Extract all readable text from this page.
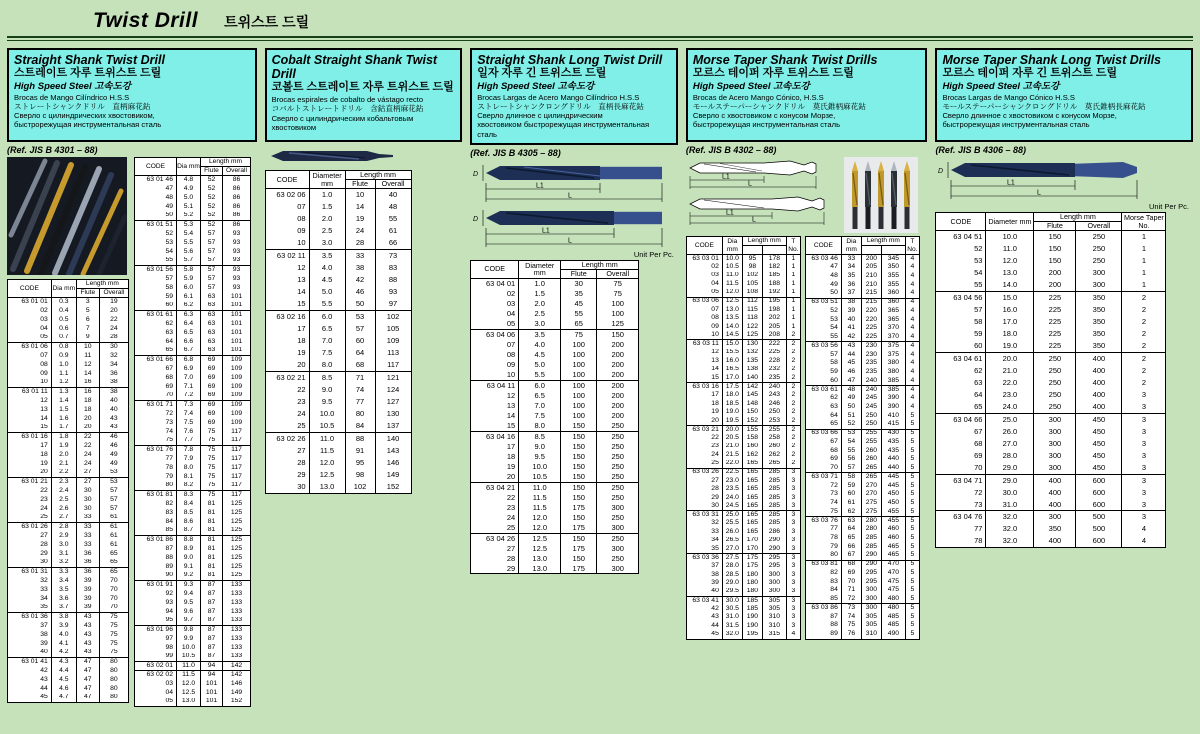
Twist Drill 트위스트 드릴
Straight Shank Twist Drill
스트레이트 자루 트위스트 드릴
High Speed Steel 고속도강
Brocas de Mango Cilíndrico H.S.S
ストレートシャンクドリル　直柄麻花鉆
Сверло с цилиндрических хвостовиком,
быстрорежущая инструментальная сталь
(Ref. JIS B 4301 – 88)
CODE	Dia mm	Length mm	
		Flute	Overall
63 01 01	0.3	3	19
02	0.4	5	20
03	0.5	6	22
04	0.6	7	24
05	0.7	9	28
63 01 06	0.8	10	30
07	0.9	11	32
08	1.0	12	34
09	1.1	14	36
10	1.2	16	38
63 01 11	1.3	16	38
12	1.4	18	40
13	1.5	18	40
14	1.6	20	43
15	1.7	20	43
63 01 16	1.8	22	46
17	1.9	22	46
18	2.0	24	49
19	2.1	24	49
20	2.2	27	53
63 01 21	2.3	27	53
22	2.4	30	57
23	2.5	30	57
24	2.6	30	57
25	2.7	33	61
63 01 26	2.8	33	61
27	2.9	33	61
28	3.0	33	61
29	3.1	36	65
30	3.2	36	65
63 01 31	3.3	36	65
32	3.4	39	70
33	3.5	39	70
34	3.6	39	70
35	3.7	39	70
63 01 36	3.8	43	75
37	3.9	43	75
38	4.0	43	75
39	4.1	43	75
40	4.2	43	75
63 01 41	4.3	47	80
42	4.4	47	80
43	4.5	47	80
44	4.6	47	80
45	4.7	47	80
CODE	Dia mm	Length mm	
		Flute	Overall
63 01 46	4.8	52	86
47	4.9	52	86
48	5.0	52	86
49	5.1	52	86
50	5.2	52	86
63 01 51	5.3	52	86
52	5.4	57	93
53	5.5	57	93
54	5.6	57	93
55	5.7	57	93
63 01 56	5.8	57	93
57	5.9	57	93
58	6.0	57	93
59	6.1	63	101
60	6.2	63	101
63 01 61	6.3	63	101
62	6.4	63	101
63	6.5	63	101
64	6.6	63	101
65	6.7	63	101
63 01 66	6.8	69	109
67	6.9	69	109
68	7.0	69	109
69	7.1	69	109
70	7.2	69	109
63 01 71	7.3	69	109
72	7.4	69	109
73	7.5	69	109
74	7.6	75	117
75	7.7	75	117
63 01 76	7.8	75	117
77	7.9	75	117
78	8.0	75	117
79	8.1	75	117
80	8.2	75	117
63 01 81	8.3	75	117
82	8.4	81	125
83	8.5	81	125
84	8.6	81	125
85	8.7	81	125
63 01 86	8.8	81	125
87	8.9	81	125
88	9.0	81	125
89	9.1	81	125
90	9.2	81	125
63 01 91	9.3	87	133
92	9.4	87	133
93	9.5	87	133
94	9.6	87	133
95	9.7	87	133
63 01 96	9.8	87	133
97	9.9	87	133
98	10.0	87	133
99	10.5	87	133
63 02 01	11.0	94	142
63 02 02	11.5	94	142
03	12.0	101	146
04	12.5	101	149
05	13.0	101	152
Cobalt Straight Shank Twist Drill
코볼트 스트레이트 자루 트위스트 드릴
Brocas espirales de cobalto de vástago recto
コバルトストレートドリル　含鈷直柄麻花鉆
Сверло с цилиндрическим кобальтовым
хвостовиком
CODE	Diameter mm	Length mm	
		Flute	Overall
63 02 06	1.0	10	40
07	1.5	14	48
08	2.0	19	55
09	2.5	24	61
10	3.0	28	66
63 02 11	3.5	33	73
12	4.0	38	83
13	4.5	42	88
14	5.0	46	93
15	5.5	50	97
63 02 16	6.0	53	102
17	6.5	57	105
18	7.0	60	109
19	7.5	64	113
20	8.0	68	117
63 02 21	8.5	71	121
22	9.0	74	124
23	9.5	77	127
24	10.0	80	130
25	10.5	84	137
63 02 26	11.0	88	140
27	11.5	91	143
28	12.0	95	146
29	12.5	98	149
30	13.0	102	152
Straight Shank Long Twist Drill
일자 자루 긴 트위스트 드릴
High Speed Steel 고속도강
Brocas Largas de Acero Mango Cilíndrico H.S.S
ストレートシャンクロングドリル　直柄長麻花鉆
Сверло длинное с цилиндрическим
хвостовиком быстрорежущая инструментальная сталь
(Ref. JIS B 4305 – 88)
D
L1
L
D
L1
L
Unit Per Pc.
CODE	Diameter mm	Length mm	
		Flute	Overall
63 04 01	1.0	30	75
02	1.5	35	75
03	2.0	45	100
04	2.5	55	100
05	3.0	65	125
63 04 06	3.5	75	150
07	4.0	100	200
08	4.5	100	200
09	5.0	100	200
10	5.5	100	200
63 04 11	6.0	100	200
12	6.5	100	200
13	7.0	100	200
14	7.5	100	200
15	8.0	150	250
63 04 16	8.5	150	250
17	9.0	150	250
18	9.5	150	250
19	10.0	150	250
20	10.5	150	250
63 04 21	11.0	150	250
22	11.5	150	250
23	11.5	175	300
24	12.0	150	250
25	12.0	175	300
63 04 26	12.5	150	250
27	12.5	175	300
28	13.0	150	250
29	13.0	175	300
Morse Taper Shank Twist Drills
모르스 테이퍼 자루 트위스트 드릴
High Speed Steel 고속도강
Brocas de Acero Mango Cónico, H.S.S
モールステーパーシャンクドリル　莫氏錐柄麻花鉆
Сверло с хвостовиком с конусом Морзе,
быстрорежущая инструментальная сталь
(Ref. JIS B 4302 – 88)
L1
L
L1
L
CODE	Dia mm	Length mm		T No.

63 03 01	10.0	95	178	1
02	10.5	98	182	1
03	11.0	102	185	1
04	11.5	105	188	1
05	12.0	108	192	1
63 03 06	12.5	112	195	1
07	13.0	115	198	1
08	13.5	118	202	1
09	14.0	122	205	1
10	14.5	125	208	2
63 03 11	15.0	130	222	2
12	15.5	132	225	2
13	16.0	135	228	2
14	16.5	138	232	2
15	17.0	140	235	2
63 03 16	17.5	142	240	2
17	18.0	145	243	2
18	18.5	148	246	2
19	19.0	150	250	2
20	19.5	152	253	2
63 03 21	20.0	155	255	2
22	20.5	158	258	2
23	21.0	160	260	2
24	21.5	162	262	2
25	22.0	165	265	2
63 03 26	22.5	165	285	3
27	23.0	165	285	3
28	23.5	165	285	3
29	24.0	165	285	3
30	24.5	165	285	3
63 03 31	25.0	165	285	3
32	25.5	165	285	3
33	26.0	165	286	3
34	26.5	170	290	3
35	27.0	170	290	3
63 03 36	27.5	175	295	3
37	28.0	175	295	3
38	28.5	180	300	3
39	29.0	180	300	3
40	29.5	180	300	3
63 03 41	30.0	185	305	3
42	30.5	185	305	3
43	31.0	190	310	3
44	31.5	190	310	3
45	32.0	195	315	4
CODE	Dia mm	Length mm		T No.

63 03 46	33	200	345	4
47	34	205	350	4
48	35	210	355	4
49	36	210	355	4
50	37	215	360	4
63 03 51	38	215	360	4
52	39	220	365	4
53	40	220	365	4
54	41	225	370	4
55	42	225	370	4
63 03 56	43	230	375	4
57	44	230	375	4
58	45	235	380	4
59	46	235	380	4
60	47	240	385	4
63 03 61	48	240	385	4
62	49	245	390	4
63	50	245	390	4
64	51	250	410	5
65	52	250	415	5
63 03 66	53	255	430	5
67	54	255	435	5
68	55	260	435	5
69	56	260	440	5
70	57	265	440	5
63 03 71	58	265	445	5
72	59	270	445	5
73	60	270	450	5
74	61	275	450	5
75	62	275	455	5
63 03 76	63	280	455	5
77	64	280	460	5
78	65	285	460	5
79	66	285	465	5
80	67	290	465	5
63 03 81	68	290	470	5
82	69	295	470	5
83	70	295	475	5
84	71	300	475	5
85	72	300	480	5
63 03 86	73	300	480	5
87	74	305	485	5
88	75	305	485	5
89	76	310	490	5
Morse Taper Shank Long Twist Drills
모르스 테이퍼 자루 긴 트위스트 드릴
High Speed Steel 고속도강
Brocas Largas de Mango Cónico H.S.S
モールステーパーシャンクロングドリル　莫氏錐柄長麻花鉆
Сверло длинное с хвостовиком с конусом Морзе,
быстрорежущая инструментальная сталь
(Ref. JIS B 4306 – 88)
D
L1
L
Unit Per Pc.
CODE	Diameter mm	Length mm		Morse Taper No.
		Flute	Overall	
63 04 51	10.0	150	250	1
52	11.0	150	250	1
53	12.0	150	250	1
54	13.0	200	300	1
55	14.0	200	300	1
63 04 56	15.0	225	350	2
57	16.0	225	350	2
58	17.0	225	350	2
59	18.0	225	350	2
60	19.0	225	350	2
63 04 61	20.0	250	400	2
62	21.0	250	400	2
63	22.0	250	400	2
64	23.0	250	400	3
65	24.0	250	400	3
63 04 66	25.0	300	450	3
67	26.0	300	450	3
68	27.0	300	450	3
69	28.0	300	450	3
70	29.0	300	450	3
63 04 71	29.0	400	600	3
72	30.0	400	600	3
73	31.0	400	600	3
63 04 76	32.0	300	500	3
77	32.0	350	500	4
78	32.0	400	600	4
